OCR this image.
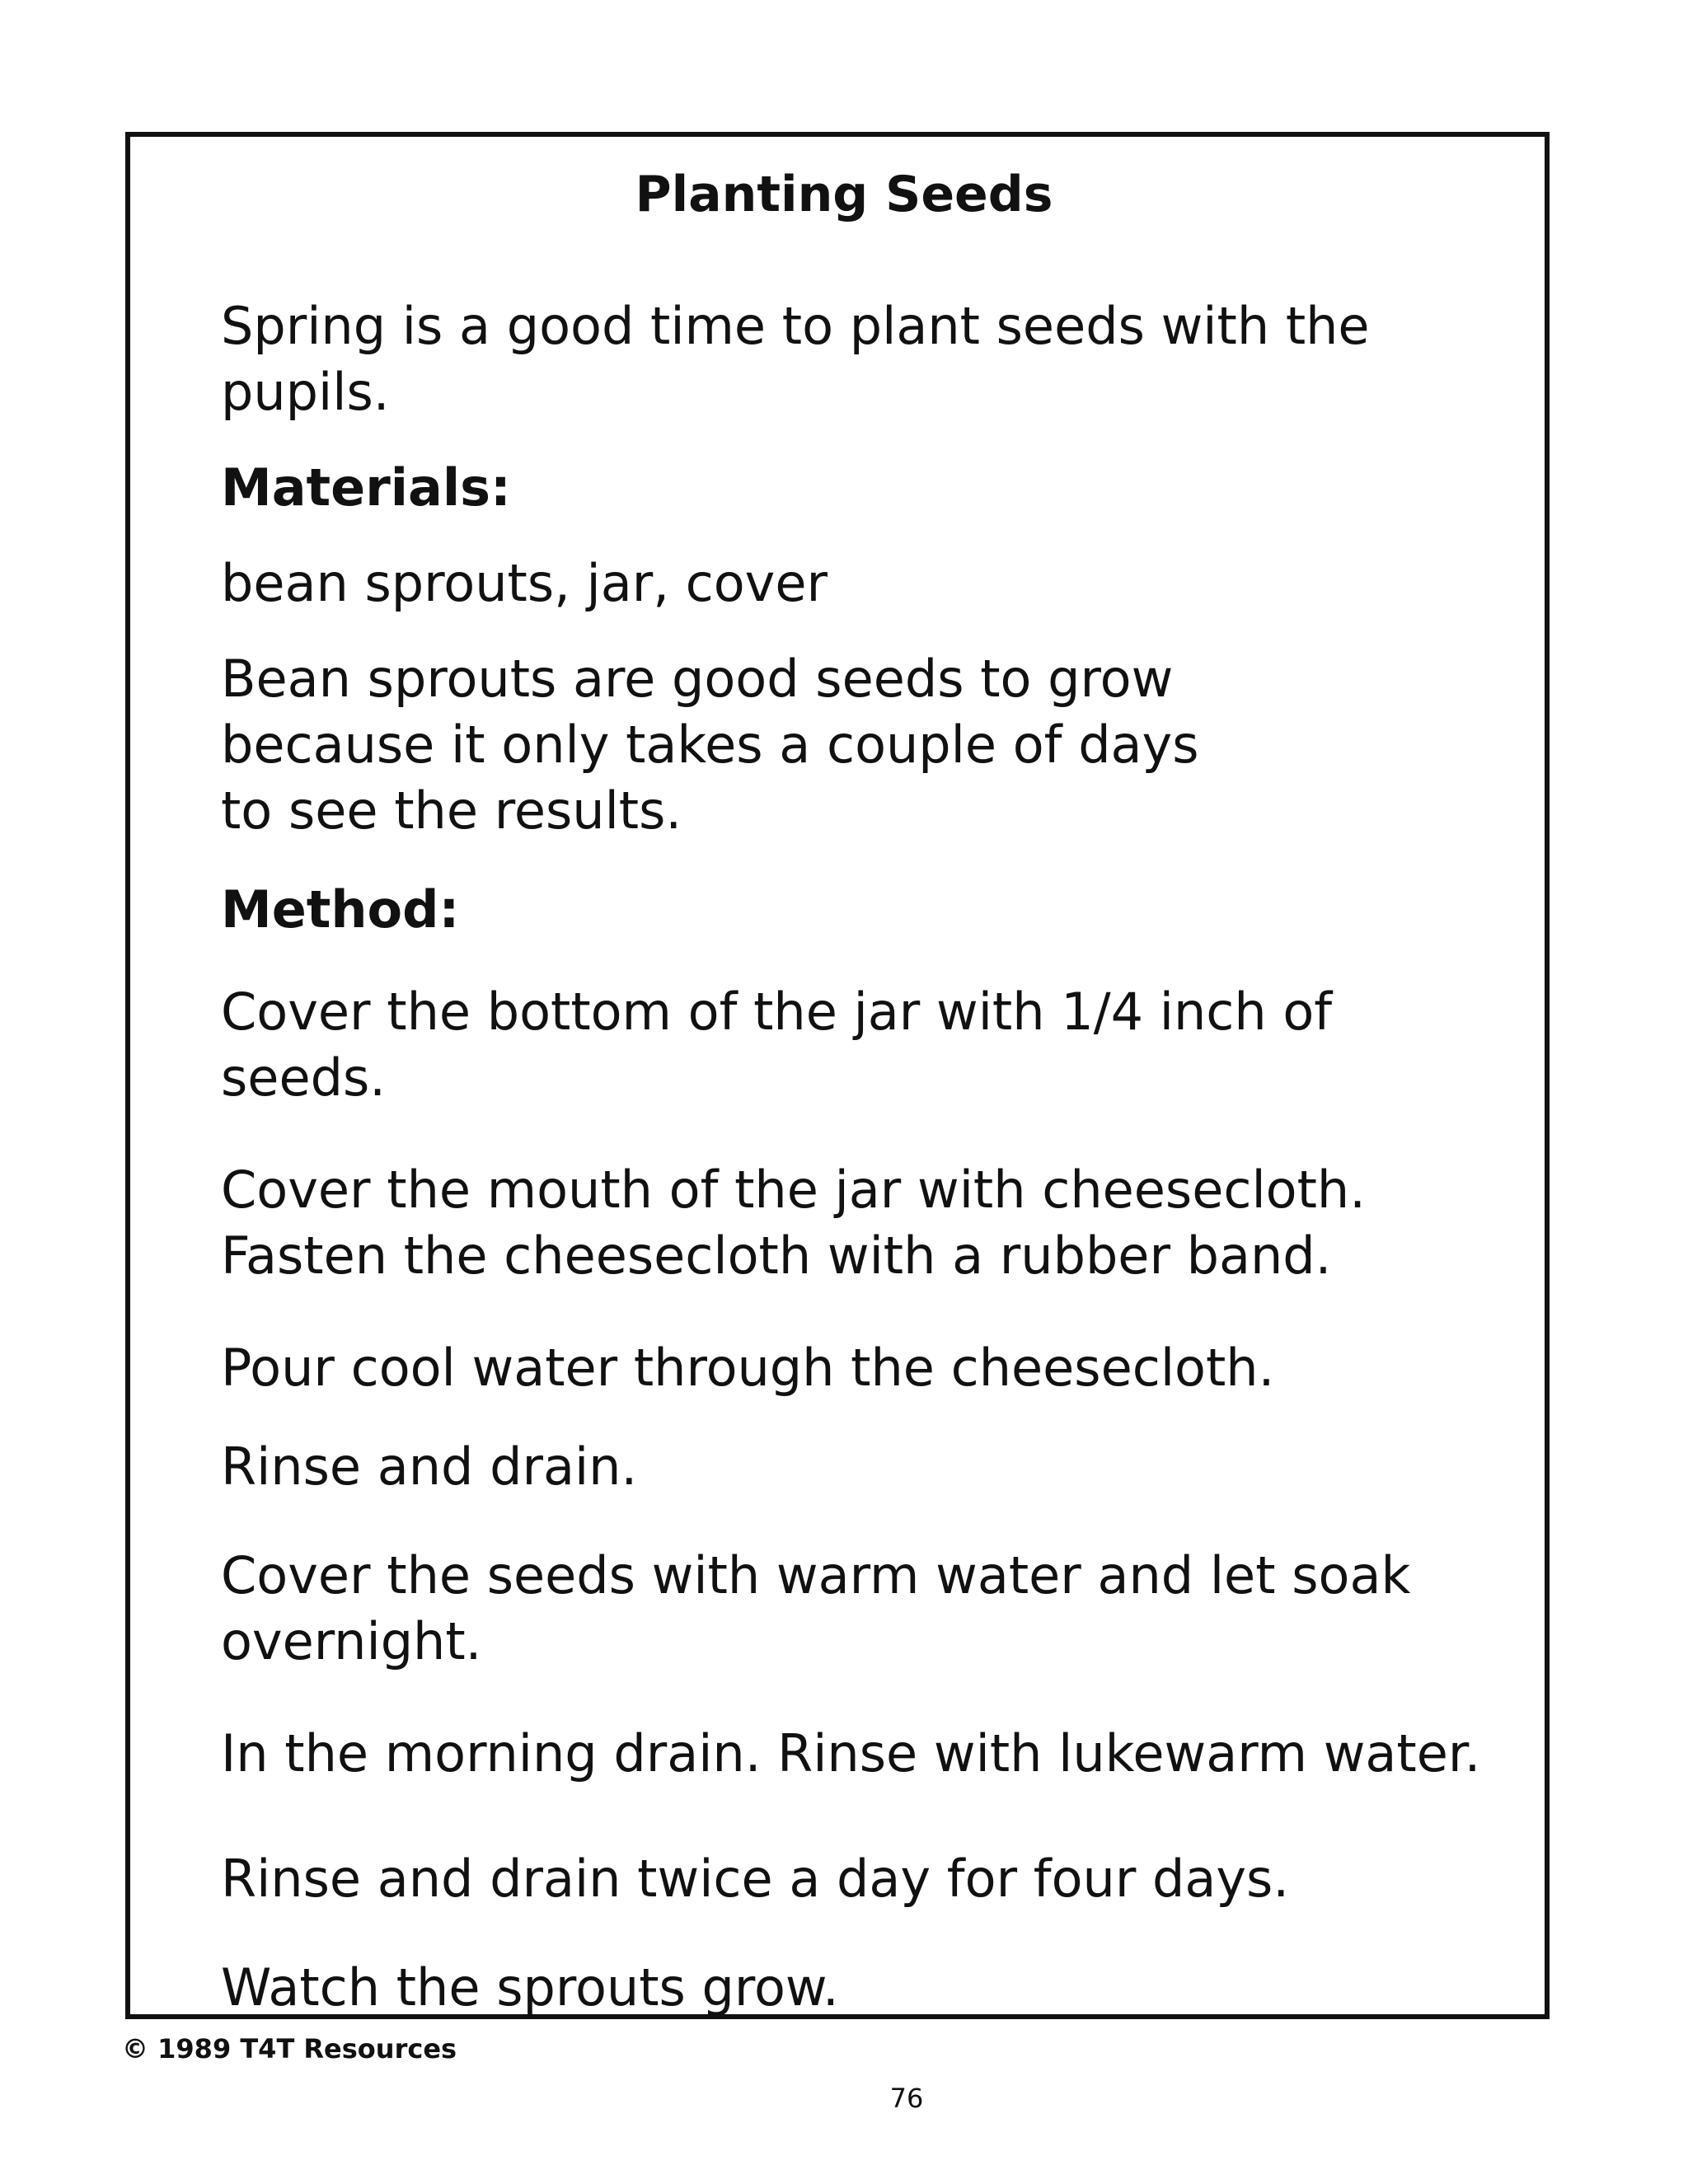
Planting Seeds
Spring is a good time to plant seeds with the
pupils.
Materials:
bean sprouts, jar, cover
Bean sprouts are good seeds to grow
because it only takes a couple of days
to see the results.
Method:
Cover the bottom of the jar with 1/4 inch of
seeds.
Cover the mouth of the jar with cheesecloth.
Fasten the cheesecloth with a rubber band.
Pour cool water through the cheesecloth.
Rinse and drain.
Cover the seeds with warm water and let soak
overnight.
In the morning drain. Rinse with lukewarm water.
Rinse and drain twice a day for four days.
Watch the sprouts grow.
© 1989 T4T Resources
76
